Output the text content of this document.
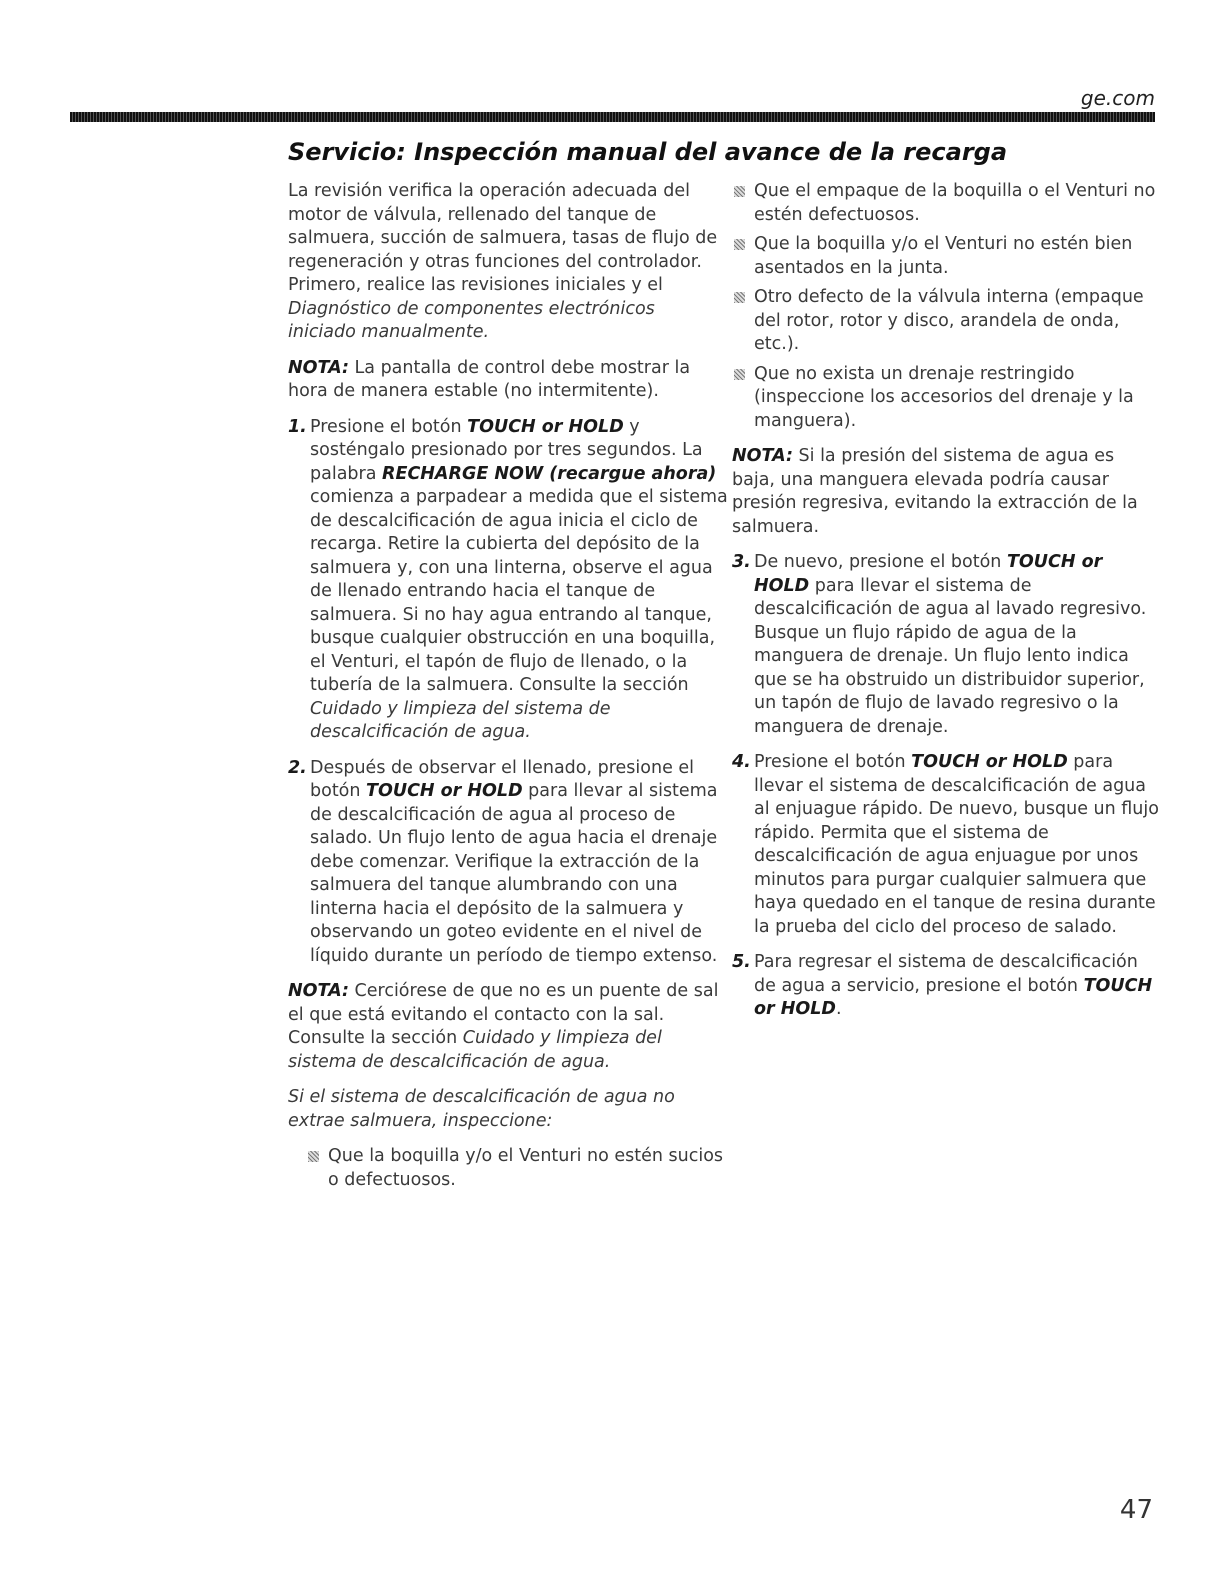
ge.com
Servicio: Inspección manual del avance de la recarga

La revisión verifica la operación adecuada del motor de válvula, rellenado del tanque de salmuera, succión de salmuera, tasas de flujo de regeneración y otras funciones del controlador. Primero, realice las revisiones iniciales y el Diagnóstico de componentes electrónicos iniciado manualmente.

NOTA: La pantalla de control debe mostrar la hora de manera estable (no intermitente).

1. Presione el botón TOUCH or HOLD y sosténgalo presionado por tres segundos. La palabra RECHARGE NOW (recargue ahora) comienza a parpadear a medida que el sistema de descalcificación de agua inicia el ciclo de recarga. Retire la cubierta del depósito de la salmuera y, con una linterna, observe el agua de llenado entrando hacia el tanque de salmuera. Si no hay agua entrando al tanque, busque cualquier obstrucción en una boquilla, el Venturi, el tapón de flujo de llenado, o la tubería de la salmuera. Consulte la sección Cuidado y limpieza del sistema de descalcificación de agua.
2. Después de observar el llenado, presione el botón TOUCH or HOLD para llevar al sistema de descalcificación de agua al proceso de salado. Un flujo lento de agua hacia el drenaje debe comenzar. Verifique la extracción de la salmuera del tanque alumbrando con una linterna hacia el depósito de la salmuera y observando un goteo evidente en el nivel de líquido durante un período de tiempo extenso.

NOTA: Cerciórese de que no es un puente de sal el que está evitando el contacto con la sal. Consulte la sección Cuidado y limpieza del sistema de descalcificación de agua.

Si el sistema de descalcificación de agua no extrae salmuera, inspeccione:

Que la boquilla y/o el Venturi no estén sucios o defectuosos.
Que el empaque de la boquilla o el Venturi no estén defectuosos.
Que la boquilla y/o el Venturi no estén bien asentados en la junta.
Otro defecto de la válvula interna (empaque del rotor, rotor y disco, arandela de onda, etc.).
Que no exista un drenaje restringido (inspeccione los accesorios del drenaje y la manguera).

NOTA: Si la presión del sistema de agua es baja, una manguera elevada podría causar presión regresiva, evitando la extracción de la salmuera.

3. De nuevo, presione el botón TOUCH or HOLD para llevar el sistema de descalcificación de agua al lavado regresivo. Busque un flujo rápido de agua de la manguera de drenaje. Un flujo lento indica que se ha obstruido un distribuidor superior, un tapón de flujo de lavado regresivo o la manguera de drenaje.
4. Presione el botón TOUCH or HOLD para llevar el sistema de descalcificación de agua al enjuague rápido. De nuevo, busque un flujo rápido. Permita que el sistema de descalcificación de agua enjuague por unos minutos para purgar cualquier salmuera que haya quedado en el tanque de resina durante la prueba del ciclo del proceso de salado.
5. Para regresar el sistema de descalcificación de agua a servicio, presione el botón TOUCH or HOLD.
47
